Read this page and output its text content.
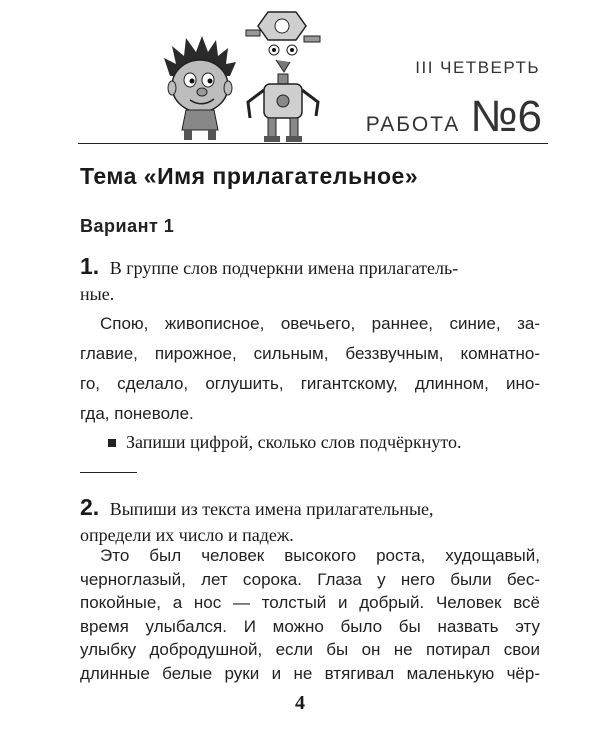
III ЧЕТВЕРТЬ
РАБОТА №6
Тема «Имя прилагательное»
Вариант 1
1. В группе слов подчеркни имена прилагатель-
ные.
Спою, живописное, овечьего, раннее, синие, за-
главие, пирожное, сильным, беззвучным, комнатно-
го, сделало, оглушить, гигантскому, длинном, ино-
гда, поневоле.
Запиши цифрой, сколько слов подчёркнуто.
2. Выпиши из текста имена прилагательные,
определи их число и падеж.
Это был человек высокого роста, худощавый,
черноглазый, лет сорока. Глаза у него были бес-
покойные, а нос — толстый и добрый. Человек всё
время улыбался. И можно было бы назвать эту
улыбку добродушной, если бы он не потирал свои
длинные белые руки и не втягивал маленькую чёр-
4
